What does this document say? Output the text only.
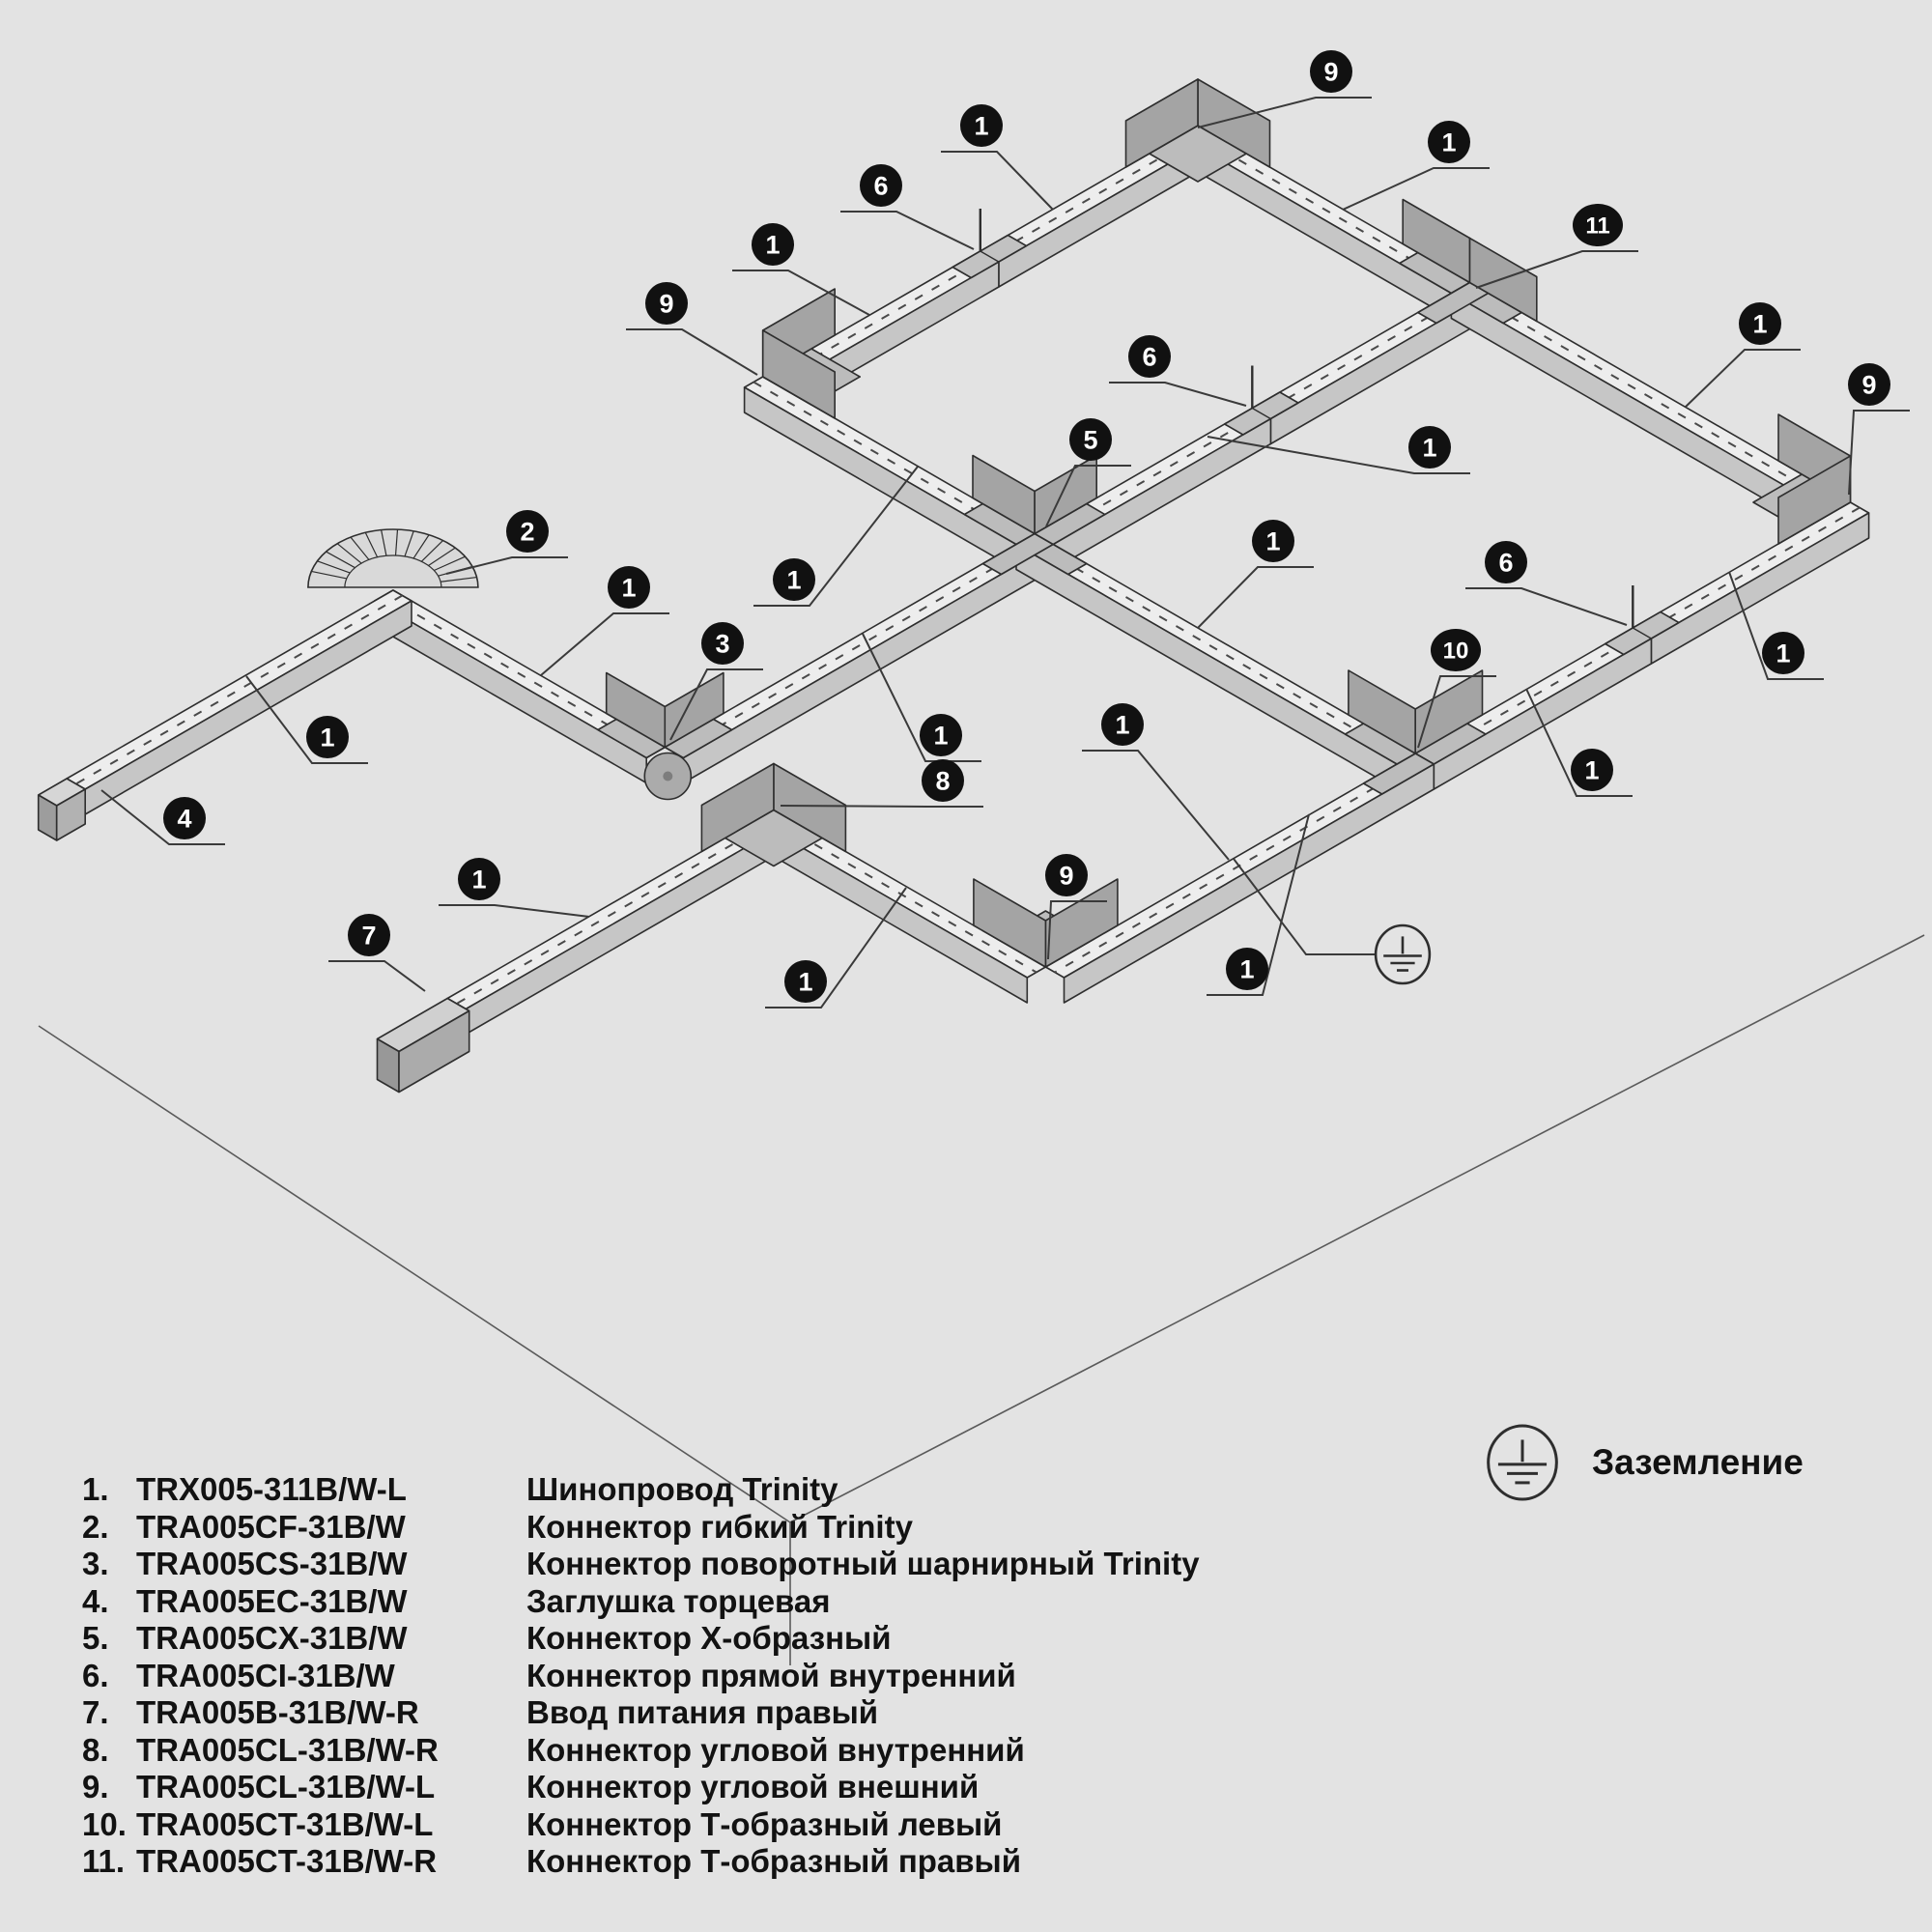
9
1
1
6
1
11
9
1
6
9
1
5
2
1
1
6
1
3	10	1
1
1	1
8
4
9
7
1
1
1
1
1. TRX005-311B/W-L	Шинопровод Trinity
2. TRA005CF-31B/W	Коннектор гибкий Trinity
3. TRA005CS-31B/W	Коннектор поворотный шарнирный Trinity
4. TRA005EC-31B/W	Заглушка торцевая
5. TRA005CX-31B/W	Коннектор Х-образный
6. TRA005CI-31B/W	Коннектор прямой внутренний
7. TRA005B-31B/W-R	Ввод питания правый
8. TRA005CL-31B/W-R	Коннектор угловой внутренний
9. TRA005CL-31B/W-L	Коннектор угловой внешний
10. TRA005CT-31B/W-L	Коннектор Т-образный левый
11. TRA005CT-31B/W-R	Коннектор Т-образный правый
Заземление
